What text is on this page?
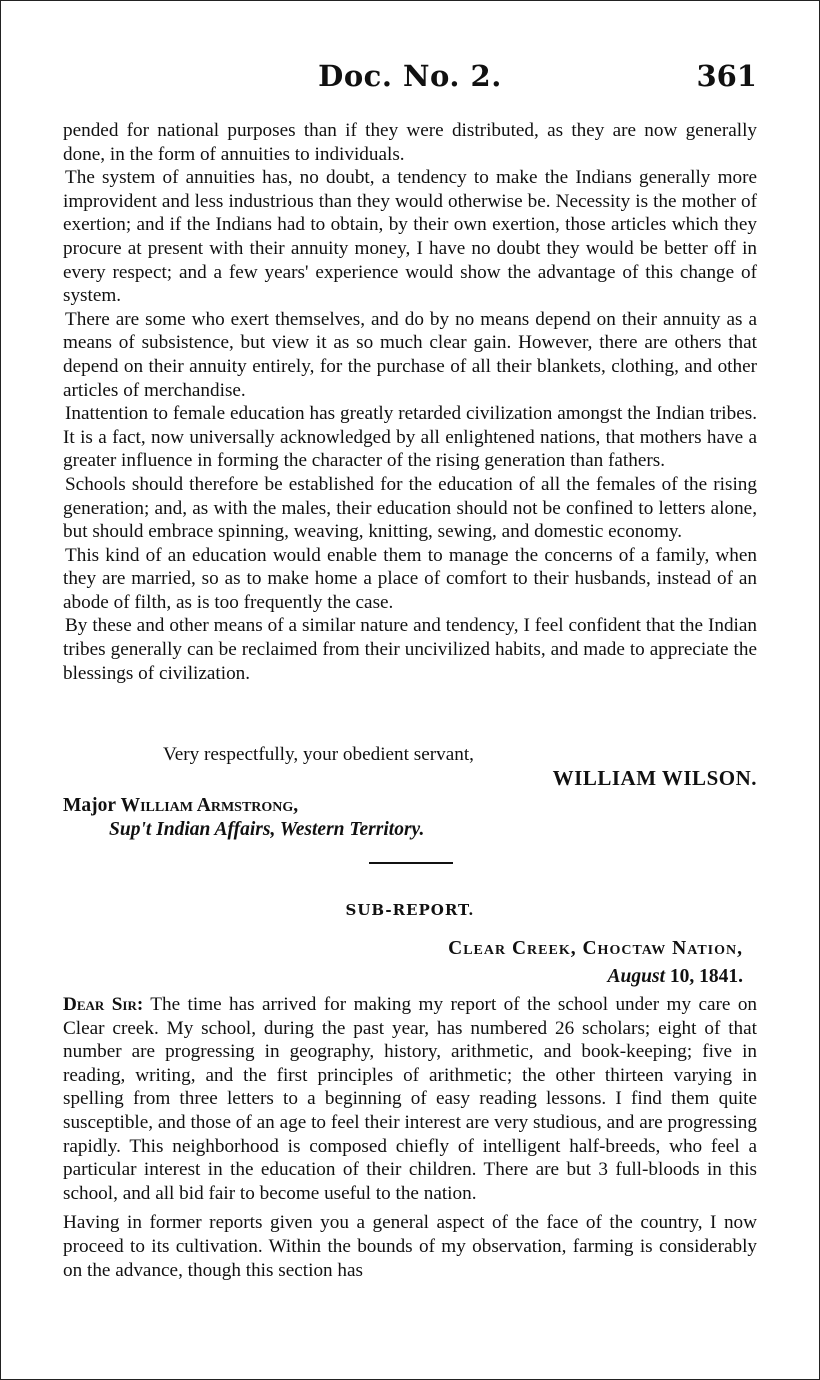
Doc. No. 2.	361

pended for national purposes than if they were distributed, as they are now generally done, in the form of annuities to individuals.

The system of annuities has, no doubt, a tendency to make the Indians generally more improvident and less industrious than they would otherwise be. Necessity is the mother of exertion; and if the Indians had to obtain, by their own exertion, those articles which they procure at present with their annuity money, I have no doubt they would be better off in every respect; and a few years' experience would show the advantage of this change of system.

There are some who exert themselves, and do by no means depend on their annuity as a means of subsistence, but view it as so much clear gain. However, there are others that depend on their annuity entirely, for the purchase of all their blankets, clothing, and other articles of merchandise.

Inattention to female education has greatly retarded civilization amongst the Indian tribes. It is a fact, now universally acknowledged by all enlightened nations, that mothers have a greater influence in forming the character of the rising generation than fathers.

Schools should therefore be established for the education of all the females of the rising generation; and, as with the males, their education should not be confined to letters alone, but should embrace spinning, weaving, knitting, sewing, and domestic economy.

This kind of an education would enable them to manage the concerns of a family, when they are married, so as to make home a place of comfort to their husbands, instead of an abode of filth, as is too frequently the case.

By these and other means of a similar nature and tendency, I feel confident that the Indian tribes generally can be reclaimed from their uncivilized habits, and made to appreciate the blessings of civilization.

Very respectfully, your obedient servant,
WILLIAM WILSON.
Major William Armstrong,
Sup't Indian Affairs, Western Territory.
SUB-REPORT.
Clear Creek, Choctaw Nation,
August 10, 1841.

Dear Sir: The time has arrived for making my report of the school under my care on Clear creek. My school, during the past year, has numbered 26 scholars; eight of that number are progressing in geography, history, arithmetic, and book-keeping; five in reading, writing, and the first principles of arithmetic; the other thirteen varying in spelling from three letters to a beginning of easy reading lessons. I find them quite susceptible, and those of an age to feel their interest are very studious, and are progressing rapidly. This neighborhood is composed chiefly of intelligent half-breeds, who feel a particular interest in the education of their children. There are but 3 full-bloods in this school, and all bid fair to become useful to the nation.

Having in former reports given you a general aspect of the face of the country, I now proceed to its cultivation. Within the bounds of my observation, farming is considerably on the advance, though this section has
